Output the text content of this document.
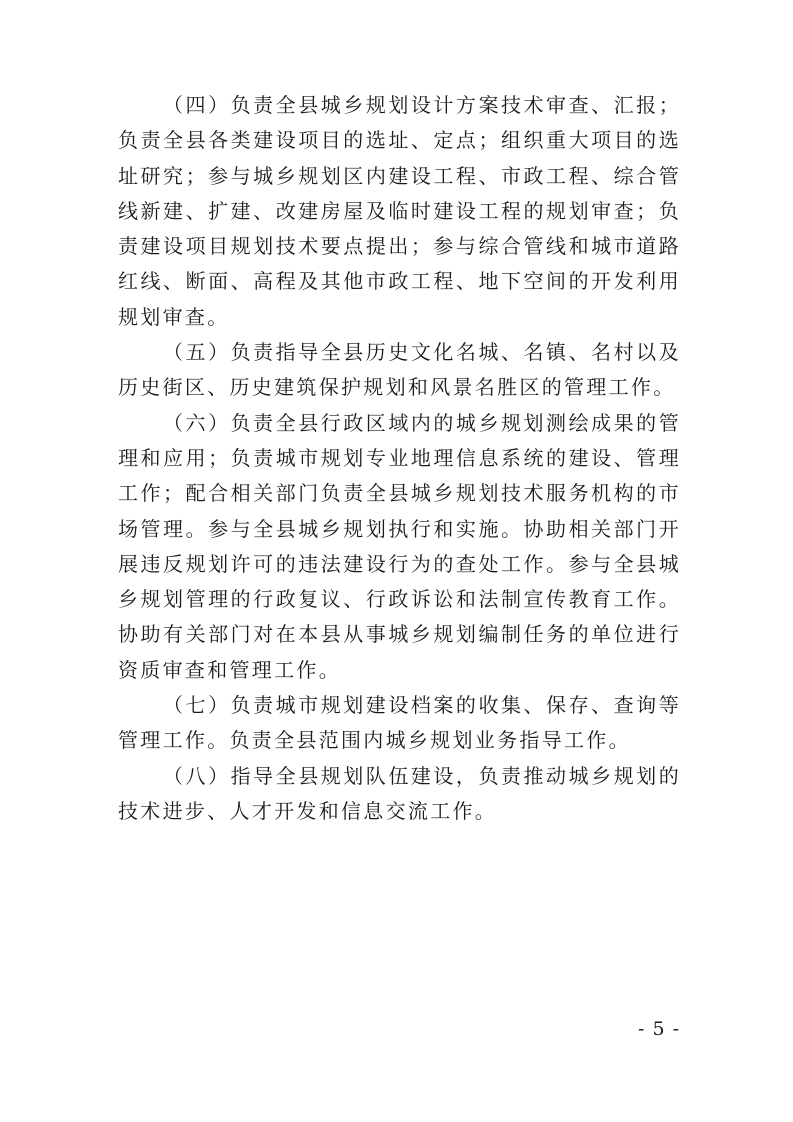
（四）负责全县城乡规划设计方案技术审查、汇报；负责全县各类建设项目的选址、定点；组织重大项目的选址研究；参与城乡规划区内建设工程、市政工程、综合管线新建、扩建、改建房屋及临时建设工程的规划审查；负责建设项目规划技术要点提出；参与综合管线和城市道路红线、断面、高程及其他市政工程、地下空间的开发利用规划审查。

（五）负责指导全县历史文化名城、名镇、名村以及历史街区、历史建筑保护规划和风景名胜区的管理工作。

（六）负责全县行政区域内的城乡规划测绘成果的管理和应用；负责城市规划专业地理信息系统的建设、管理工作；配合相关部门负责全县城乡规划技术服务机构的市场管理。参与全县城乡规划执行和实施。协助相关部门开展违反规划许可的违法建设行为的查处工作。参与全县城乡规划管理的行政复议、行政诉讼和法制宣传教育工作。协助有关部门对在本县从事城乡规划编制任务的单位进行资质审查和管理工作。

（七）负责城市规划建设档案的收集、保存、查询等管理工作。负责全县范围内城乡规划业务指导工作。

（八）指导全县规划队伍建设，负责推动城乡规划的技术进步、人才开发和信息交流工作。

- 5 -
